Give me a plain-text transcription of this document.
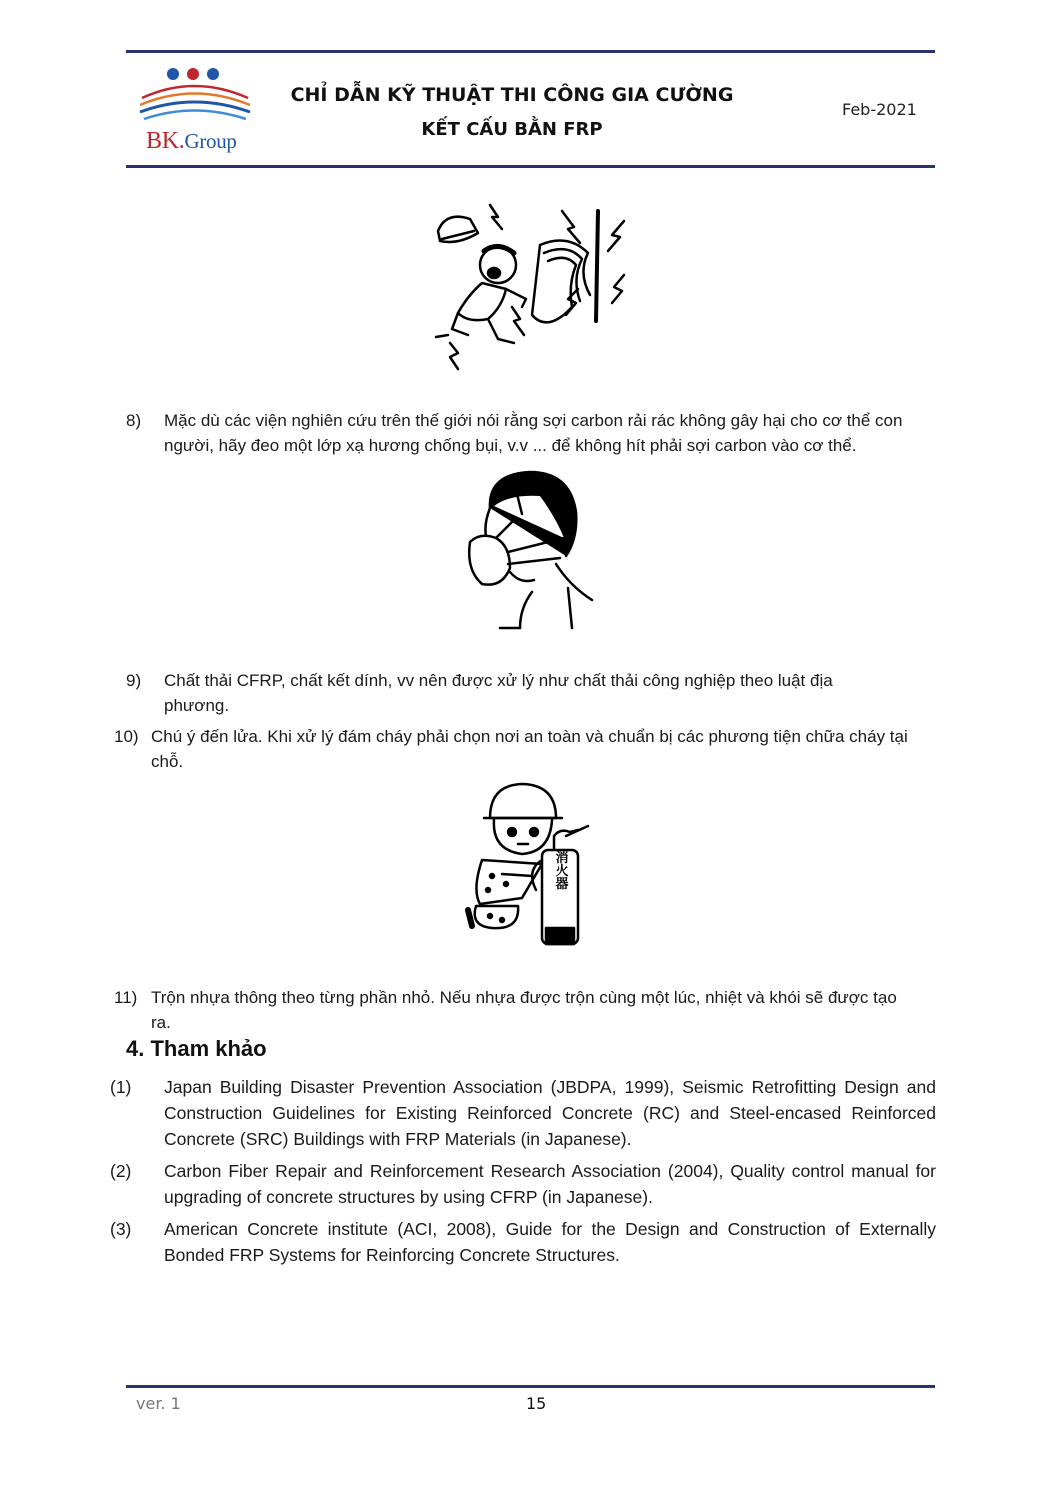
BK.Group
CHỈ DẪN KỸ THUẬT THI CÔNG GIA CƯỜNG
KẾT CẤU BẰN FRP
Feb-2021
8) Mặc dù các viện nghiên cứu trên thế giới nói rằng sợi carbon rải rác không gây hại cho cơ thể con người, hãy đeo một lớp xạ hương chống bụi, v.v ... để không hít phải sợi carbon vào cơ thể.
9) Chất thải CFRP, chất kết dính, vv nên được xử lý như chất thải công nghiệp theo luật địa phương.
10) Chú ý đến lửa. Khi xử lý đám cháy phải chọn nơi an toàn và chuẩn bị các phương tiện chữa cháy tại chỗ.
消火器
11) Trộn nhựa thông theo từng phần nhỏ. Nếu nhựa được trộn cùng một lúc, nhiệt và khói sẽ được tạo ra.
4. Tham khảo
(1) Japan Building Disaster Prevention Association (JBDPA, 1999), Seismic Retrofitting Design and Construction Guidelines for Existing Reinforced Concrete (RC) and Steel-encased Reinforced Concrete (SRC) Buildings with FRP Materials (in Japanese).
(2) Carbon Fiber Repair and Reinforcement Research Association (2004), Quality control manual for upgrading of concrete structures by using CFRP (in Japanese).
(3) American Concrete institute (ACI, 2008), Guide for the Design and Construction of Externally Bonded FRP Systems for Reinforcing Concrete Structures.
ver. 1	15
